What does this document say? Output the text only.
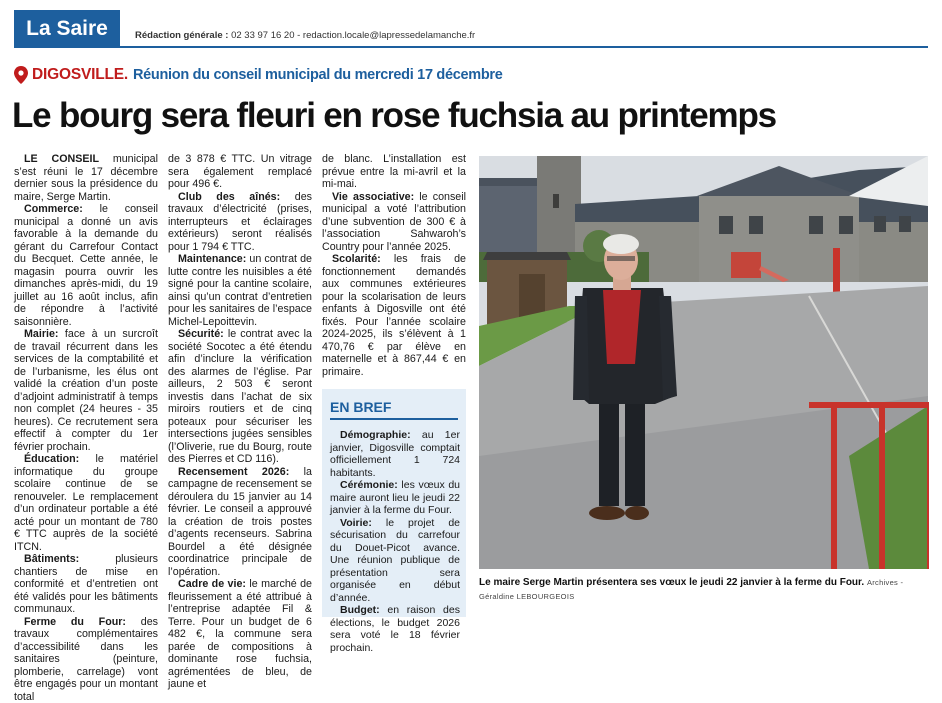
La Saire	Rédaction générale : 02 33 97 16 20 - redaction.locale@lapressedelamanche.fr
DIGOSVILLE. Réunion du conseil municipal du mercredi 17 décembre
Le bourg sera fleuri en rose fuchsia au printemps

LE CONSEIL municipal s’est réuni le 17 décembre dernier sous la présidence du maire, Serge Martin.

Commerce: le conseil municipal a donné un avis favorable à la demande du gérant du Carrefour Contact du Becquet. Cette année, le magasin pourra ouvrir les dimanches après-midi, du 19 juillet au 16 août inclus, afin de répondre à l’activité saisonnière.

Mairie: face à un surcroît de travail récurrent dans les services de la comptabilité et de l’urbanisme, les élus ont validé la création d’un poste d’adjoint administratif à temps non complet (24 heures - 35 heures). Ce recrutement sera effectif à compter du 1er février prochain.

Éducation: le matériel informatique du groupe scolaire continue de se renouveler. Le remplacement d’un ordinateur portable a été acté pour un montant de 780 € TTC auprès de la société ITCN.

Bâtiments: plusieurs chantiers de mise en conformité et d’entretien ont été validés pour les bâtiments communaux.

Ferme du Four: des travaux complémentaires d’accessibilité dans les sanitaires (peinture, plomberie, carrelage) vont être engagés pour un montant total

de 3 878 € TTC. Un vitrage sera également remplacé pour 496 €.

Club des aînés: des travaux d’électricité (prises, interrupteurs et éclairages extérieurs) seront réalisés pour 1 794 € TTC.

Maintenance: un contrat de lutte contre les nuisibles a été signé pour la cantine scolaire, ainsi qu’un contrat d’entretien pour les sanitaires de l’espace Michel-Lepoittevin.

Sécurité: le contrat avec la société Socotec a été étendu afin d’inclure la vérification des alarmes de l’église. Par ailleurs, 2 503 € seront investis dans l’achat de six miroirs routiers et de cinq poteaux pour sécuriser les intersections jugées sensibles (l’Oliverie, rue du Bourg, route des Pierres et CD 116).

Recensement 2026: la campagne de recensement se déroulera du 15 janvier au 14 février. Le conseil a approuvé la création de trois postes d’agents recenseurs. Sabrina Bourdel a été désignée coordinatrice principale de l’opération.

Cadre de vie: le marché de fleurissement a été attribué à l’entreprise adaptée Fil & Terre. Pour un budget de 6 482 €, la commune sera parée de compositions à dominante rose fuchsia, agrémentées de bleu, de jaune et

de blanc. L’installation est prévue entre la mi-avril et la mi-mai.

Vie associative: le conseil municipal a voté l’attribution d’une subvention de 300 € à l’association Sahwaroh’s Country pour l’année 2025.

Scolarité: les frais de fonctionnement demandés aux communes extérieures pour la scolarisation de leurs enfants à Digosville ont été fixés. Pour l’année scolaire 2024-2025, ils s’élèvent à 1 470,76 € par élève en maternelle et à 867,44 € en primaire.

EN BREF

Démographie: au 1er janvier, Digosville comptait officiellement 1 724 habitants.

Cérémonie: les vœux du maire auront lieu le jeudi 22 janvier à la ferme du Four.

Voirie: le projet de sécurisation du carrefour du Douet-Picot avance. Une réunion publique de présentation sera organisée en début d’année.

Budget: en raison des élections, le budget 2026 sera voté le 18 février prochain.

Le maire Serge Martin présentera ses vœux le jeudi 22 janvier à la ferme du Four. Archives - Géraldine LEBOURGEOIS
